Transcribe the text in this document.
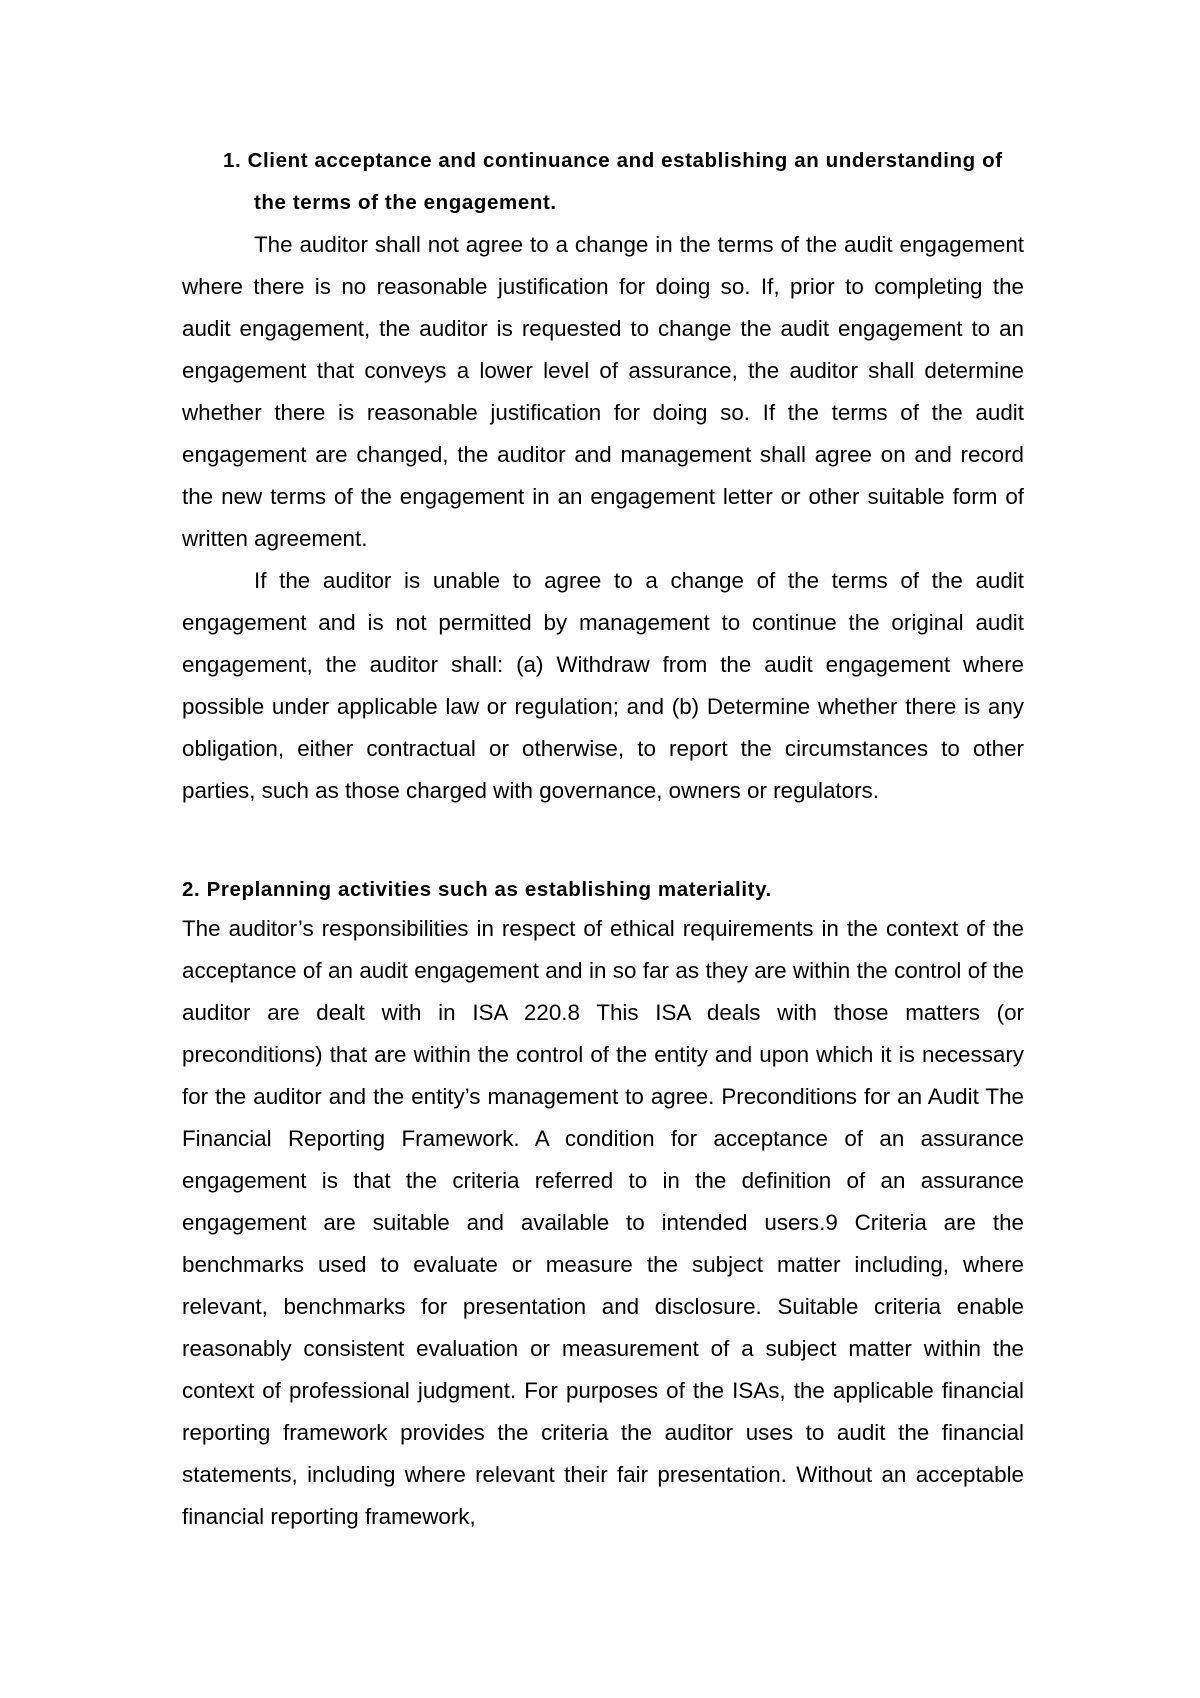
1. Client acceptance and continuance and establishing an understanding of the terms of the engagement.

The auditor shall not agree to a change in the terms of the audit engagement where there is no reasonable justification for doing so. If, prior to completing the audit engagement, the auditor is requested to change the audit engagement to an engagement that conveys a lower level of assurance, the auditor shall determine whether there is reasonable justification for doing so. If the terms of the audit engagement are changed, the auditor and management shall agree on and record the new terms of the engagement in an engagement letter or other suitable form of written agreement.

If the auditor is unable to agree to a change of the terms of the audit engagement and is not permitted by management to continue the original audit engagement, the auditor shall: (a) Withdraw from the audit engagement where possible under applicable law or regulation; and (b) Determine whether there is any obligation, either contractual or otherwise, to report the circumstances to other parties, such as those charged with governance, owners or regulators.

2. Preplanning activities such as establishing materiality.

The auditor’s responsibilities in respect of ethical requirements in the context of the acceptance of an audit engagement and in so far as they are within the control of the auditor are dealt with in ISA 220.8 This ISA deals with those matters (or preconditions) that are within the control of the entity and upon which it is necessary for the auditor and the entity’s management to agree. Preconditions for an Audit The Financial Reporting Framework. A condition for acceptance of an assurance engagement is that the criteria referred to in the definition of an assurance engagement are suitable and available to intended users.9 Criteria are the benchmarks used to evaluate or measure the subject matter including, where relevant, benchmarks for presentation and disclosure. Suitable criteria enable reasonably consistent evaluation or measurement of a subject matter within the context of professional judgment. For purposes of the ISAs, the applicable financial reporting framework provides the criteria the auditor uses to audit the financial statements, including where relevant their fair presentation. Without an acceptable financial reporting framework,
